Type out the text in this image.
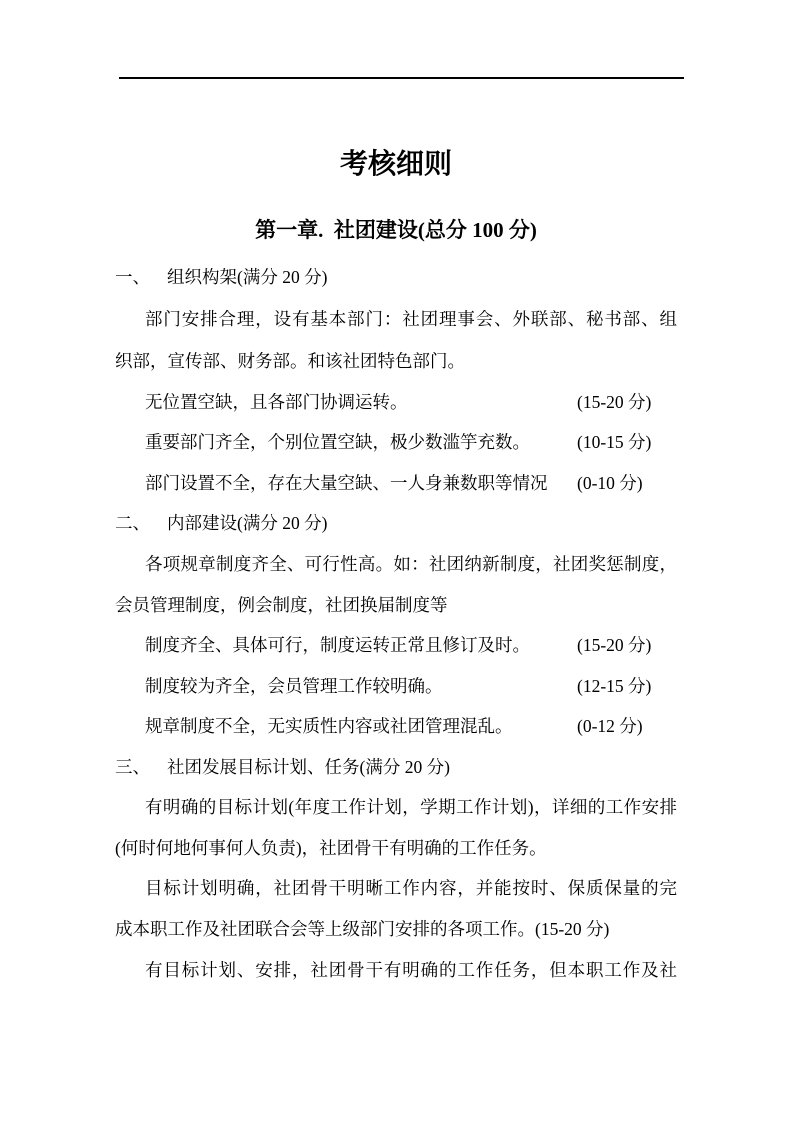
考核细则
第一章.  社团建设(总分 100 分)
一、 组织构架(满分 20 分)
部门安排合理，设有基本部门：社团理事会、外联部、秘书部、组
织部，宣传部、财务部。和该社团特色部门。
无位置空缺，且各部门协调运转。	(15-20 分)
重要部门齐全，个别位置空缺，极少数滥竽充数。	(10-15 分)
部门设置不全，存在大量空缺、一人身兼数职等情况 (0-10 分)
二、 内部建设(满分 20 分)
各项规章制度齐全、可行性高。如：社团纳新制度，社团奖惩制度，
会员管理制度，例会制度，社团换届制度等
制度齐全、具体可行，制度运转正常且修订及时。	(15-20 分)
制度较为齐全，会员管理工作较明确。	(12-15 分)
规章制度不全，无实质性内容或社团管理混乱。	(0-12 分)
三、 社团发展目标计划、任务(满分 20 分)
有明确的目标计划(年度工作计划，学期工作计划)，详细的工作安排
(何时何地何事何人负责)，社团骨干有明确的工作任务。
目标计划明确，社团骨干明晰工作内容，并能按时、保质保量的完
成本职工作及社团联合会等上级部门安排的各项工作。(15-20 分)
有目标计划、安排，社团骨干有明确的工作任务，但本职工作及社
